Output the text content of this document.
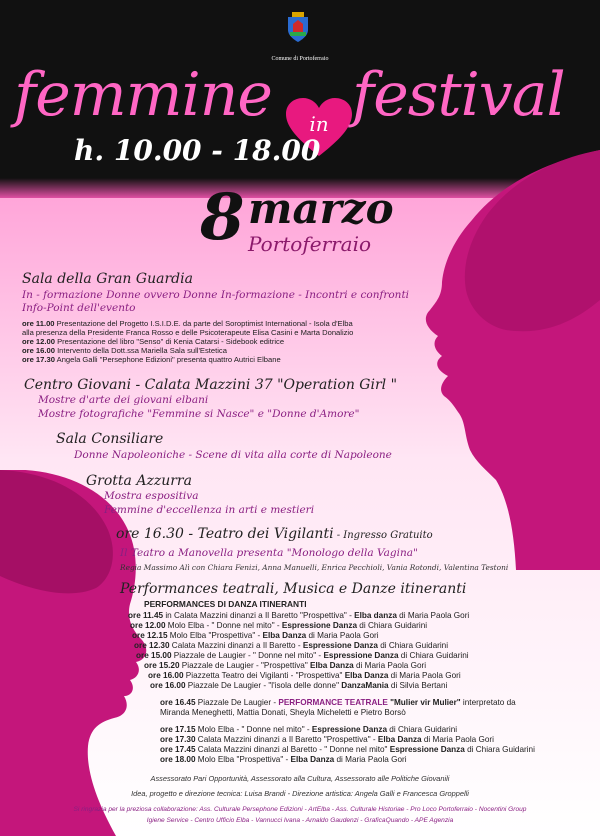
Comune di Portoferraio
femmine	in festival
h. 10.00 - 18.00
8 marzo
Portoferraio
Sala della Gran Guardia
In - formazione Donne ovvero Donne In-formazione - Incontri e confronti
Info-Point dell'evento
ore 11.00 Presentazione del Progetto I.S.I.D.E. da parte del Soroptimist International - Isola d'Elba
alla presenza della Presidente Franca Rosso e delle Psicoterapeute Elisa Casini e Marta Donalizio
ore 12.00 Presentazione del libro "Senso" di Kenia Catarsi - Sidebook editrice
ore 16.00 Intervento della Dott.ssa Mariella Sala sull'Estetica
ore 17.30 Angela Galli "Persephone Edizioni" presenta quattro Autrici Elbane
Centro Giovani - Calata Mazzini 37 "Operation Girl "
Mostre d'arte dei giovani elbani
Mostre fotografiche "Femmine si Nasce" e "Donne d'Amore"
Sala Consiliare
Donne Napoleoniche - Scene di vita alla corte di Napoleone
Grotta Azzurra
Mostra espositiva
Femmine d'eccellenza in arti e mestieri
ore 16.30 - Teatro dei Vigilanti - Ingresso Gratuito
Il Teatro a Manovella presenta "Monologo della Vagina"
Regia Massimo Alì con Chiara Fenizi, Anna Manuelli, Enrica Pecchioli, Vania Rotondi, Valentina Testoni
Performances teatrali, Musica e Danze itineranti
PERFORMANCES DI DANZA ITINERANTI
ore 11.45 in Calata Mazzini dinanzi a Il Baretto "Prospettiva" - Elba danza di Maria Paola Gori
ore 12.00 Molo Elba - " Donne nel mito" - Espressione Danza di Chiara Guidarini
ore 12.15 Molo Elba "Prospettiva" - Elba Danza di Maria Paola Gori
ore 12.30 Calata Mazzini dinanzi a Il Baretto - Espressione Danza di Chiara Guidarini
ore 15.00 Piazzale de Laugier - " Donne nel mito" - Espressione Danza di Chiara Guidarini
ore 15.20 Piazzale de Laugier - "Prospettiva" Elba Danza di Maria Paola Gori
ore 16.00 Piazzetta Teatro dei Vigilanti - "Prospettiva" Elba Danza di Maria Paola Gori
ore 16.00 Piazzale De Laugier - "l'isola delle donne" DanzaMania di Silvia Bertani
ore 16.45 Piazzale De Laugier - PERFORMANCE TEATRALE "Mulier vir Mulier" interpretato da
Miranda Meneghetti, Mattia Donati, Sheyla Micheletti e Pietro Borsò
ore 17.15 Molo Elba - " Donne nel mito" - Espressione Danza di Chiara Guidarini
ore 17.30 Calata Mazzini dinanzi a Il Baretto "Prospettiva" - Elba Danza di Maria Paola Gori
ore 17.45 Calata Mazzini dinanzi al Baretto - " Donne nel mito" Espressione Danza di Chiara Guidarini
ore 18.00 Molo Elba "Prospettiva" - Elba Danza di Maria Paola Gori
Assessorato Pari Opportunità, Assessorato alla Cultura, Assessorato alle Politiche Giovanili
Idea, progetto e direzione tecnica: Luisa Brandi - Direzione artistica: Angela Galli e Francesca Groppelli
Si ringrazia per la preziosa collaborazione: Ass. Culturale Persephone Edizioni - ArtElba - Ass. Culturale Historiae - Pro Loco Portoferraio - Nocentini Group
Igiene Service - Centro Ufficio Elba - Vannucci Ivana - Arnaldo Gaudenzi - GraficaQuando - APE Agenzia
